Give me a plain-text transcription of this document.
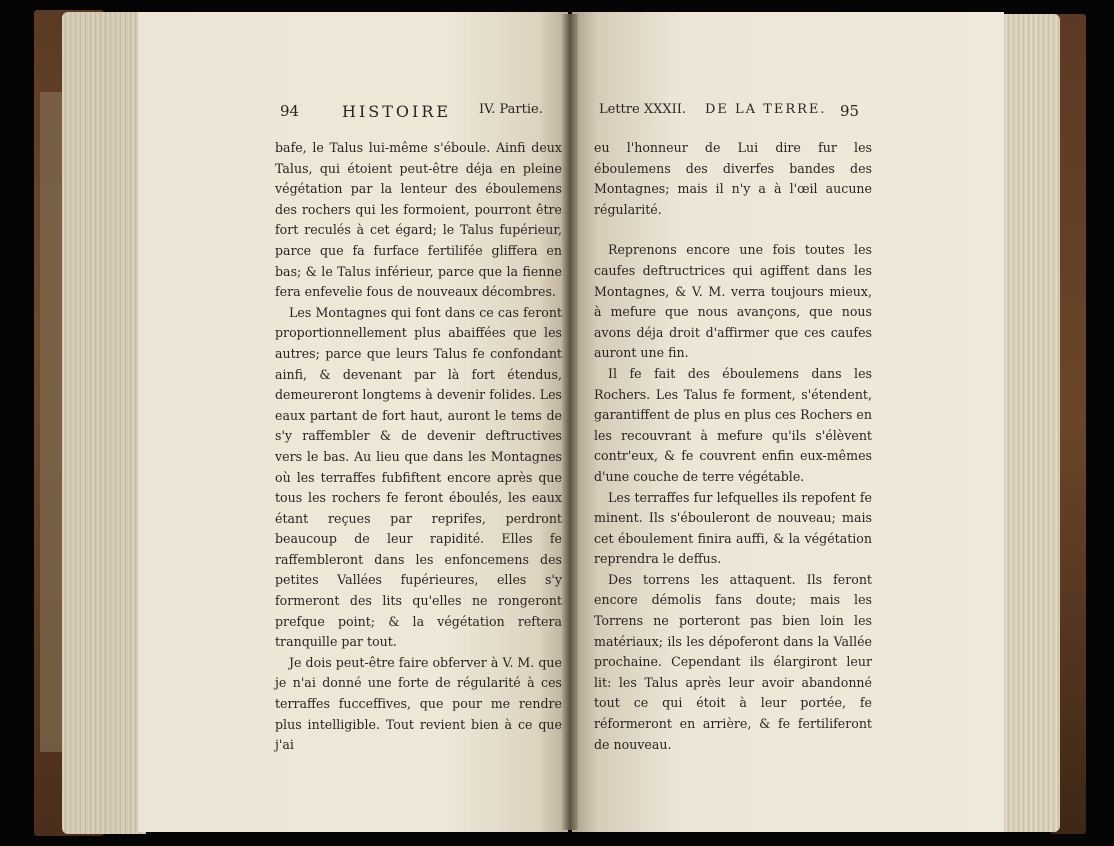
94	HISTOIRE IV. Partie.

bafe, le Talus lui-même s'éboule. Ainfi deux Talus, qui étoient peut-être déja en pleine végétation par la lenteur des éboulemens des rochers qui les formoient, pourront être fort reculés à cet égard; le Talus fupérieur, parce que fa furface fertilifée gliffera en bas; & le Talus inférieur, parce que la fienne fera enfevelie fous de nouveaux décombres.

Les Montagnes qui font dans ce cas feront proportionnellement plus abaiffées que les autres; parce que leurs Talus fe confondant ainfi, & devenant par là fort étendus, demeureront longtems à devenir folides. Les eaux partant de fort haut, auront le tems de s'y raffembler & de devenir deftructives vers le bas. Au lieu que dans les Montagnes où les terraffes fubfiftent encore après que tous les rochers fe feront éboulés, les eaux étant reçues par reprifes, perdront beaucoup de leur rapidité. Elles fe raffembleront dans les enfoncemens des petites Vallées fupérieures, elles s'y formeront des lits qu'elles ne rongeront prefque point; & la végétation reftera tranquille par tout.

Je dois peut-être faire obferver à V. M. que je n'ai donné une forte de régularité à ces terraffes fucceffives, que pour me rendre plus intelligible. Tout revient bien à ce que j'ai

Lettre XXXII. DE LA TERRE. 95

eu l'honneur de Lui dire fur les éboulemens des diverfes bandes des Montagnes; mais il n'y a à l'œil aucune régularité.

Reprenons encore une fois toutes les caufes deftructrices qui agiffent dans les Montagnes, & V. M. verra toujours mieux, à mefure que nous avançons, que nous avons déja droit d'affirmer que ces caufes auront une fin.

Il fe fait des éboulemens dans les Rochers. Les Talus fe forment, s'étendent, garantiffent de plus en plus ces Rochers en les recouvrant à mefure qu'ils s'élèvent contr'eux, & fe couvrent enfin eux-mêmes d'une couche de terre végétable.

Les terraffes fur lefquelles ils repofent fe minent. Ils s'ébouleront de nouveau; mais cet éboulement finira auffi, & la végétation reprendra le deffus.

Des torrens les attaquent. Ils feront encore démolis fans doute; mais les Torrens ne porteront pas bien loin les matériaux; ils les dépoferont dans la Vallée prochaine. Cependant ils élargiront leur lit: les Talus après leur avoir abandonné tout ce qui étoit à leur portée, fe réformeront en arrière, & fe fertiliferont de nouveau.
